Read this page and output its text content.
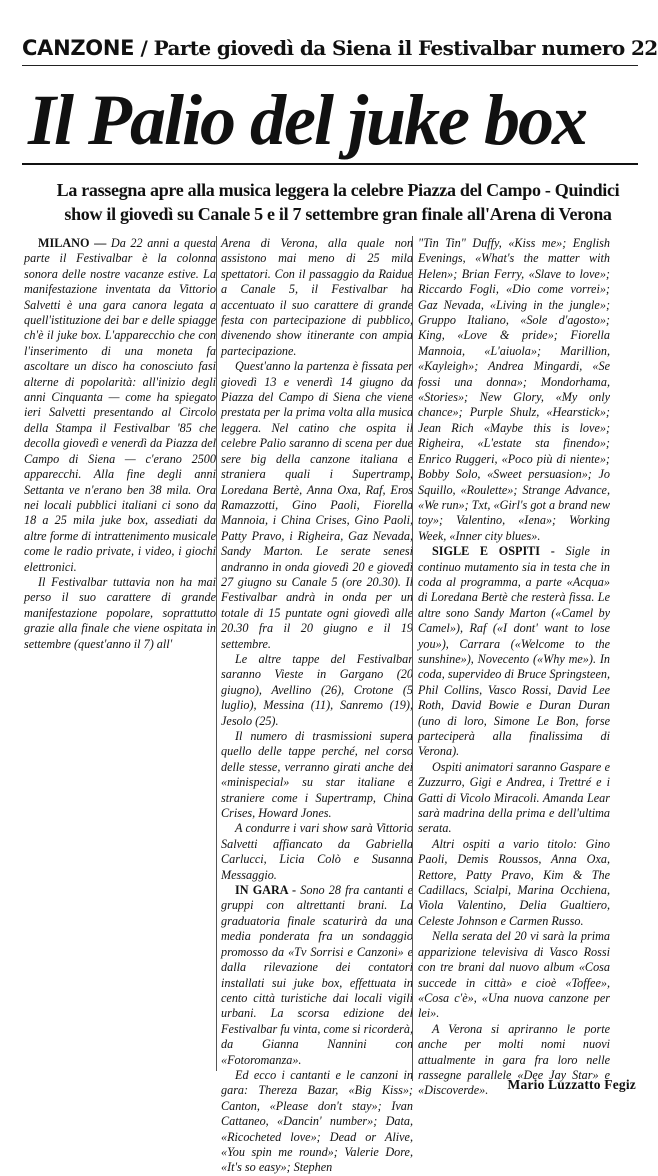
CANZONE / Parte giovedì da Siena il Festivalbar numero 22
Il Palio del juke box
La rassegna apre alla musica leggera la celebre Piazza del Campo - Quindici
show il giovedì su Canale 5 e il 7 settembre gran finale all'Arena di Verona

MILANO — Da 22 anni a questa parte il Festivalbar è la colonna sonora delle nostre vacanze estive. La manifestazione inventata da Vittorio Salvetti è una gara canora legata a quell'istituzione dei bar e delle spiagge ch'è il juke box. L'apparecchio che con l'inserimento di una moneta fa ascoltare un disco ha conosciuto fasi alterne di popolarità: all'inizio degli anni Cinquanta — come ha spiegato ieri Salvetti presentando al Circolo della Stampa il Festivalbar '85 che decolla giovedì e venerdì da Piazza del Campo di Siena — c'erano 2500 apparecchi. Alla fine degli anni Settanta ve n'erano ben 38 mila. Ora nei locali pubblici italiani ci sono da 18 a 25 mila juke box, assediati da altre forme di intrattenimento musicale come le radio private, i video, i giochi elettronici.

Il Festivalbar tuttavia non ha mai perso il suo carattere di grande manifestazione popolare, soprattutto grazie alla finale che viene ospitata in settembre (quest'anno il 7) all'

Arena di Verona, alla quale non assistono mai meno di 25 mila spettatori. Con il passaggio da Raidue a Canale 5, il Festivalbar ha accentuato il suo carattere di grande festa con partecipazione di pubblico, divenendo show itinerante con ampia partecipazione.

Quest'anno la partenza è fissata per giovedì 13 e venerdì 14 giugno da Piazza del Campo di Siena che viene prestata per la prima volta alla musica leggera. Nel catino che ospita il celebre Palio saranno di scena per due sere big della canzone italiana e straniera quali i Supertramp, Loredana Bertè, Anna Oxa, Raf, Eros Ramazzotti, Gino Paoli, Fiorella Mannoia, i China Crises, Gino Paoli, Patty Pravo, i Righeira, Gaz Nevada, Sandy Marton. Le serate senesi andranno in onda giovedì 20 e giovedì 27 giugno su Canale 5 (ore 20.30). Il Festivalbar andrà in onda per un totale di 15 puntate ogni giovedì alle 20.30 fra il 20 giugno e il 19 settembre.

Le altre tappe del Festivalbar saranno Vieste in Gargano (20 giugno), Avellino (26), Crotone (5 luglio), Messina (11), Sanremo (19), Jesolo (25).

Il numero di trasmissioni supera quello delle tappe perché, nel corso delle stesse, verranno girati anche dei «minispecial» su star italiane e straniere come i Supertramp, China Crises, Howard Jones.

A condurre i vari show sarà Vittorio Salvetti affiancato da Gabriella Carlucci, Licia Colò e Susanna Messaggio.

IN GARA - Sono 28 fra cantanti e gruppi con altrettanti brani. La graduatoria finale scaturirà da una media ponderata fra un sondaggio promosso da «Tv Sorrisi e Canzoni» e dalla rilevazione dei contatori installati sui juke box, effettuata in cento città turistiche dai locali vigili urbani. La scorsa edizione del Festivalbar fu vinta, come si ricorderà, da Gianna Nannini con «Fotoromanza».

Ed ecco i cantanti e le canzoni in gara: Thereza Bazar, «Big Kiss»; Canton, «Please don't stay»; Ivan Cattaneo, «Dancin' number»; Data, «Ricocheted love»; Dead or Alive, «You spin me round»; Valerie Dore, «It's so easy»; Stephen

"Tin Tin" Duffy, «Kiss me»; English Evenings, «What's the matter with Helen»; Brian Ferry, «Slave to love»; Riccardo Fogli, «Dio come vorrei»; Gaz Nevada, «Living in the jungle»; Gruppo Italiano, «Sole d'agosto»; King, «Love & pride»; Fiorella Mannoia, «L'aiuola»; Marillion, «Kayleigh»; Andrea Mingardi, «Se fossi una donna»; Mondorhama, «Stories»; New Glory, «My only chance»; Purple Shulz, «Hearstick»; Jean Rich «Maybe this is love»; Righeira, «L'estate sta finendo»; Enrico Ruggeri, «Poco più di niente»; Bobby Solo, «Sweet persuasion»; Jo Squillo, «Roulette»; Strange Advance, «We run»; Txt, «Girl's got a brand new toy»; Valentino, «Iena»; Working Week, «Inner city blues».

SIGLE E OSPITI - Sigle in continuo mutamento sia in testa che in coda al programma, a parte «Acqua» di Loredana Bertè che resterà fissa. Le altre sono Sandy Marton («Camel by Camel»), Raf («I dont' want to lose you»), Carrara («Welcome to the sunshine»), Novecento («Why me»). In coda, supervideo di Bruce Springsteen, Phil Collins, Vasco Rossi, David Lee Roth, David Bowie e Duran Duran (uno di loro, Simone Le Bon, forse parteciperà alla finalissima di Verona).

Ospiti animatori saranno Gaspare e Zuzzurro, Gigi e Andrea, i Trettré e i Gatti di Vicolo Miracoli. Amanda Lear sarà madrina della prima e dell'ultima serata.

Altri ospiti a vario titolo: Gino Paoli, Demis Roussos, Anna Oxa, Rettore, Patty Pravo, Kim & The Cadillacs, Scialpi, Marina Occhiena, Viola Valentino, Delia Gualtiero, Celeste Johnson e Carmen Russo.

Nella serata del 20 vi sarà la prima apparizione televisiva di Vasco Rossi con tre brani dal nuovo album «Cosa succede in città» e cioè «Toffee», «Cosa c'è», «Una nuova canzone per lei».

A Verona si apriranno le porte anche per molti nomi nuovi attualmente in gara fra loro nelle rassegne parallele «Dee Jay Star» e «Discoverde».	Mario Luzzatto Fegiz
